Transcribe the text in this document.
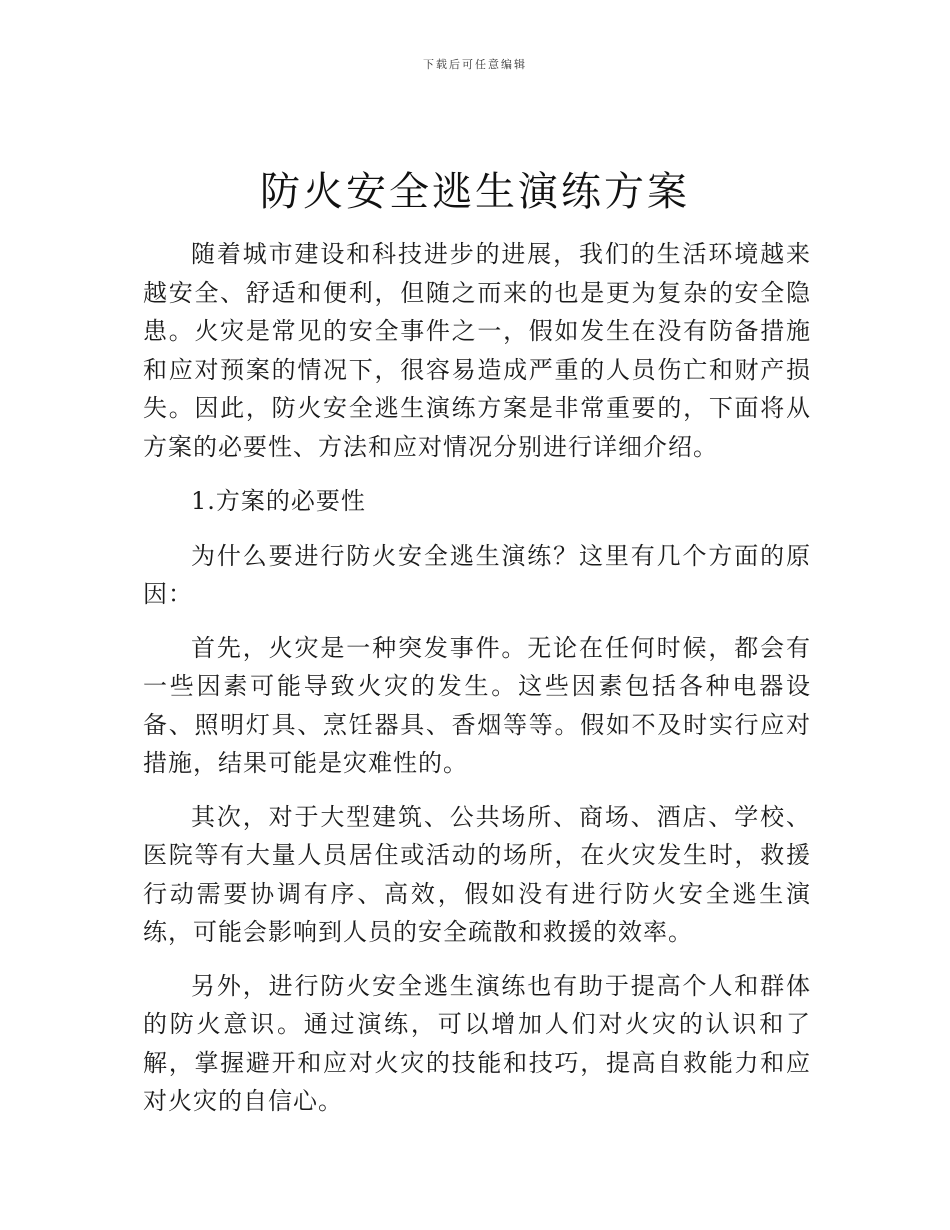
下载后可任意编辑
防火安全逃生演练方案

随着城市建设和科技进步的进展，我们的生活环境越来越安全、舒适和便利，但随之而来的也是更为复杂的安全隐患。火灾是常见的安全事件之一，假如发生在没有防备措施和应对预案的情况下，很容易造成严重的人员伤亡和财产损失。因此，防火安全逃生演练方案是非常重要的，下面将从方案的必要性、方法和应对情况分别进行详细介绍。

1.方案的必要性

为什么要进行防火安全逃生演练？这里有几个方面的原因：

首先，火灾是一种突发事件。无论在任何时候，都会有一些因素可能导致火灾的发生。这些因素包括各种电器设备、照明灯具、烹饪器具、香烟等等。假如不及时实行应对措施，结果可能是灾难性的。

其次，对于大型建筑、公共场所、商场、酒店、学校、医院等有大量人员居住或活动的场所，在火灾发生时，救援行动需要协调有序、高效，假如没有进行防火安全逃生演练，可能会影响到人员的安全疏散和救援的效率。

另外，进行防火安全逃生演练也有助于提高个人和群体的防火意识。通过演练，可以增加人们对火灾的认识和了解，掌握避开和应对火灾的技能和技巧，提高自救能力和应对火灾的自信心。
